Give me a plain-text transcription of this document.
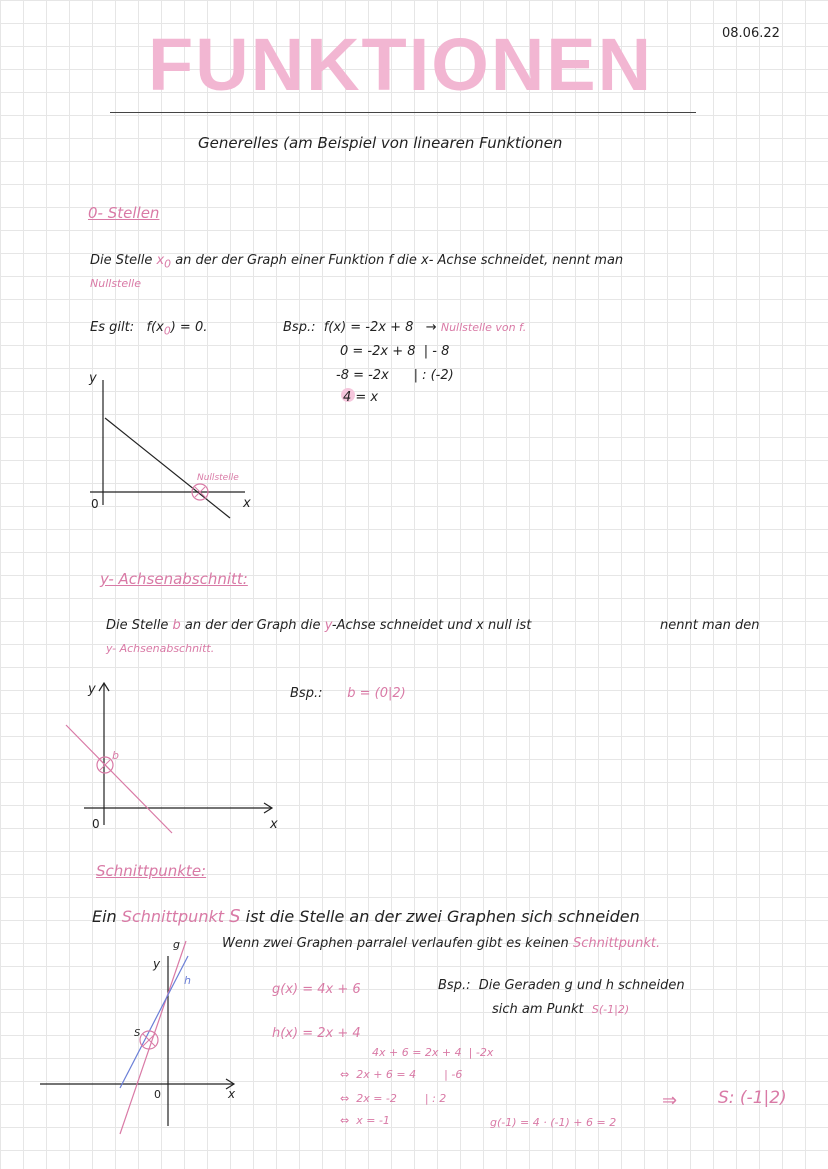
FUNKTIONEN	08.06.22
Generelles (am Beispiel von linearen Funktionen
0- Stellen
Die Stelle $x_0$ an der der Graph einer Funktion f die x- Achse schneidet, nennt man
Nullstelle
Es gilt: $f(x_0) = 0$.	Bsp.: f(x) = -2x + 8 → Nullstelle von f.
0 = -2x + 8 | - 8
-8 = -2x | : (-2)
4 = x
y
x
0
Nullstelle
y- Achsenabschnitt:
Die Stelle b an der der Graph die y-Achse schneidet und x null ist	nennt man den
y- Achsenabschnitt.
Bsp.: b = (0|2)
y
x
0
b
Schnittpunkte:
Ein Schnittpunkt S ist die Stelle an der zwei Graphen sich schneiden
Wenn zwei Graphen parralel verlaufen gibt es keinen Schnittpunkt.
g(x) = 4x + 6
h(x) = 2x + 4
Bsp.: Die Geraden g und h schneiden
sich am Punkt S(-1|2)
4x + 6 = 2x + 4 | -2x
⇔ 2x + 6 = 4	| -6
⇔ 2x = -2	| : 2
⇔ x = -1	g(-1) = 4 · (-1) + 6 = 2
⇒ S: (-1|2)
y
x
0
g
h
S
